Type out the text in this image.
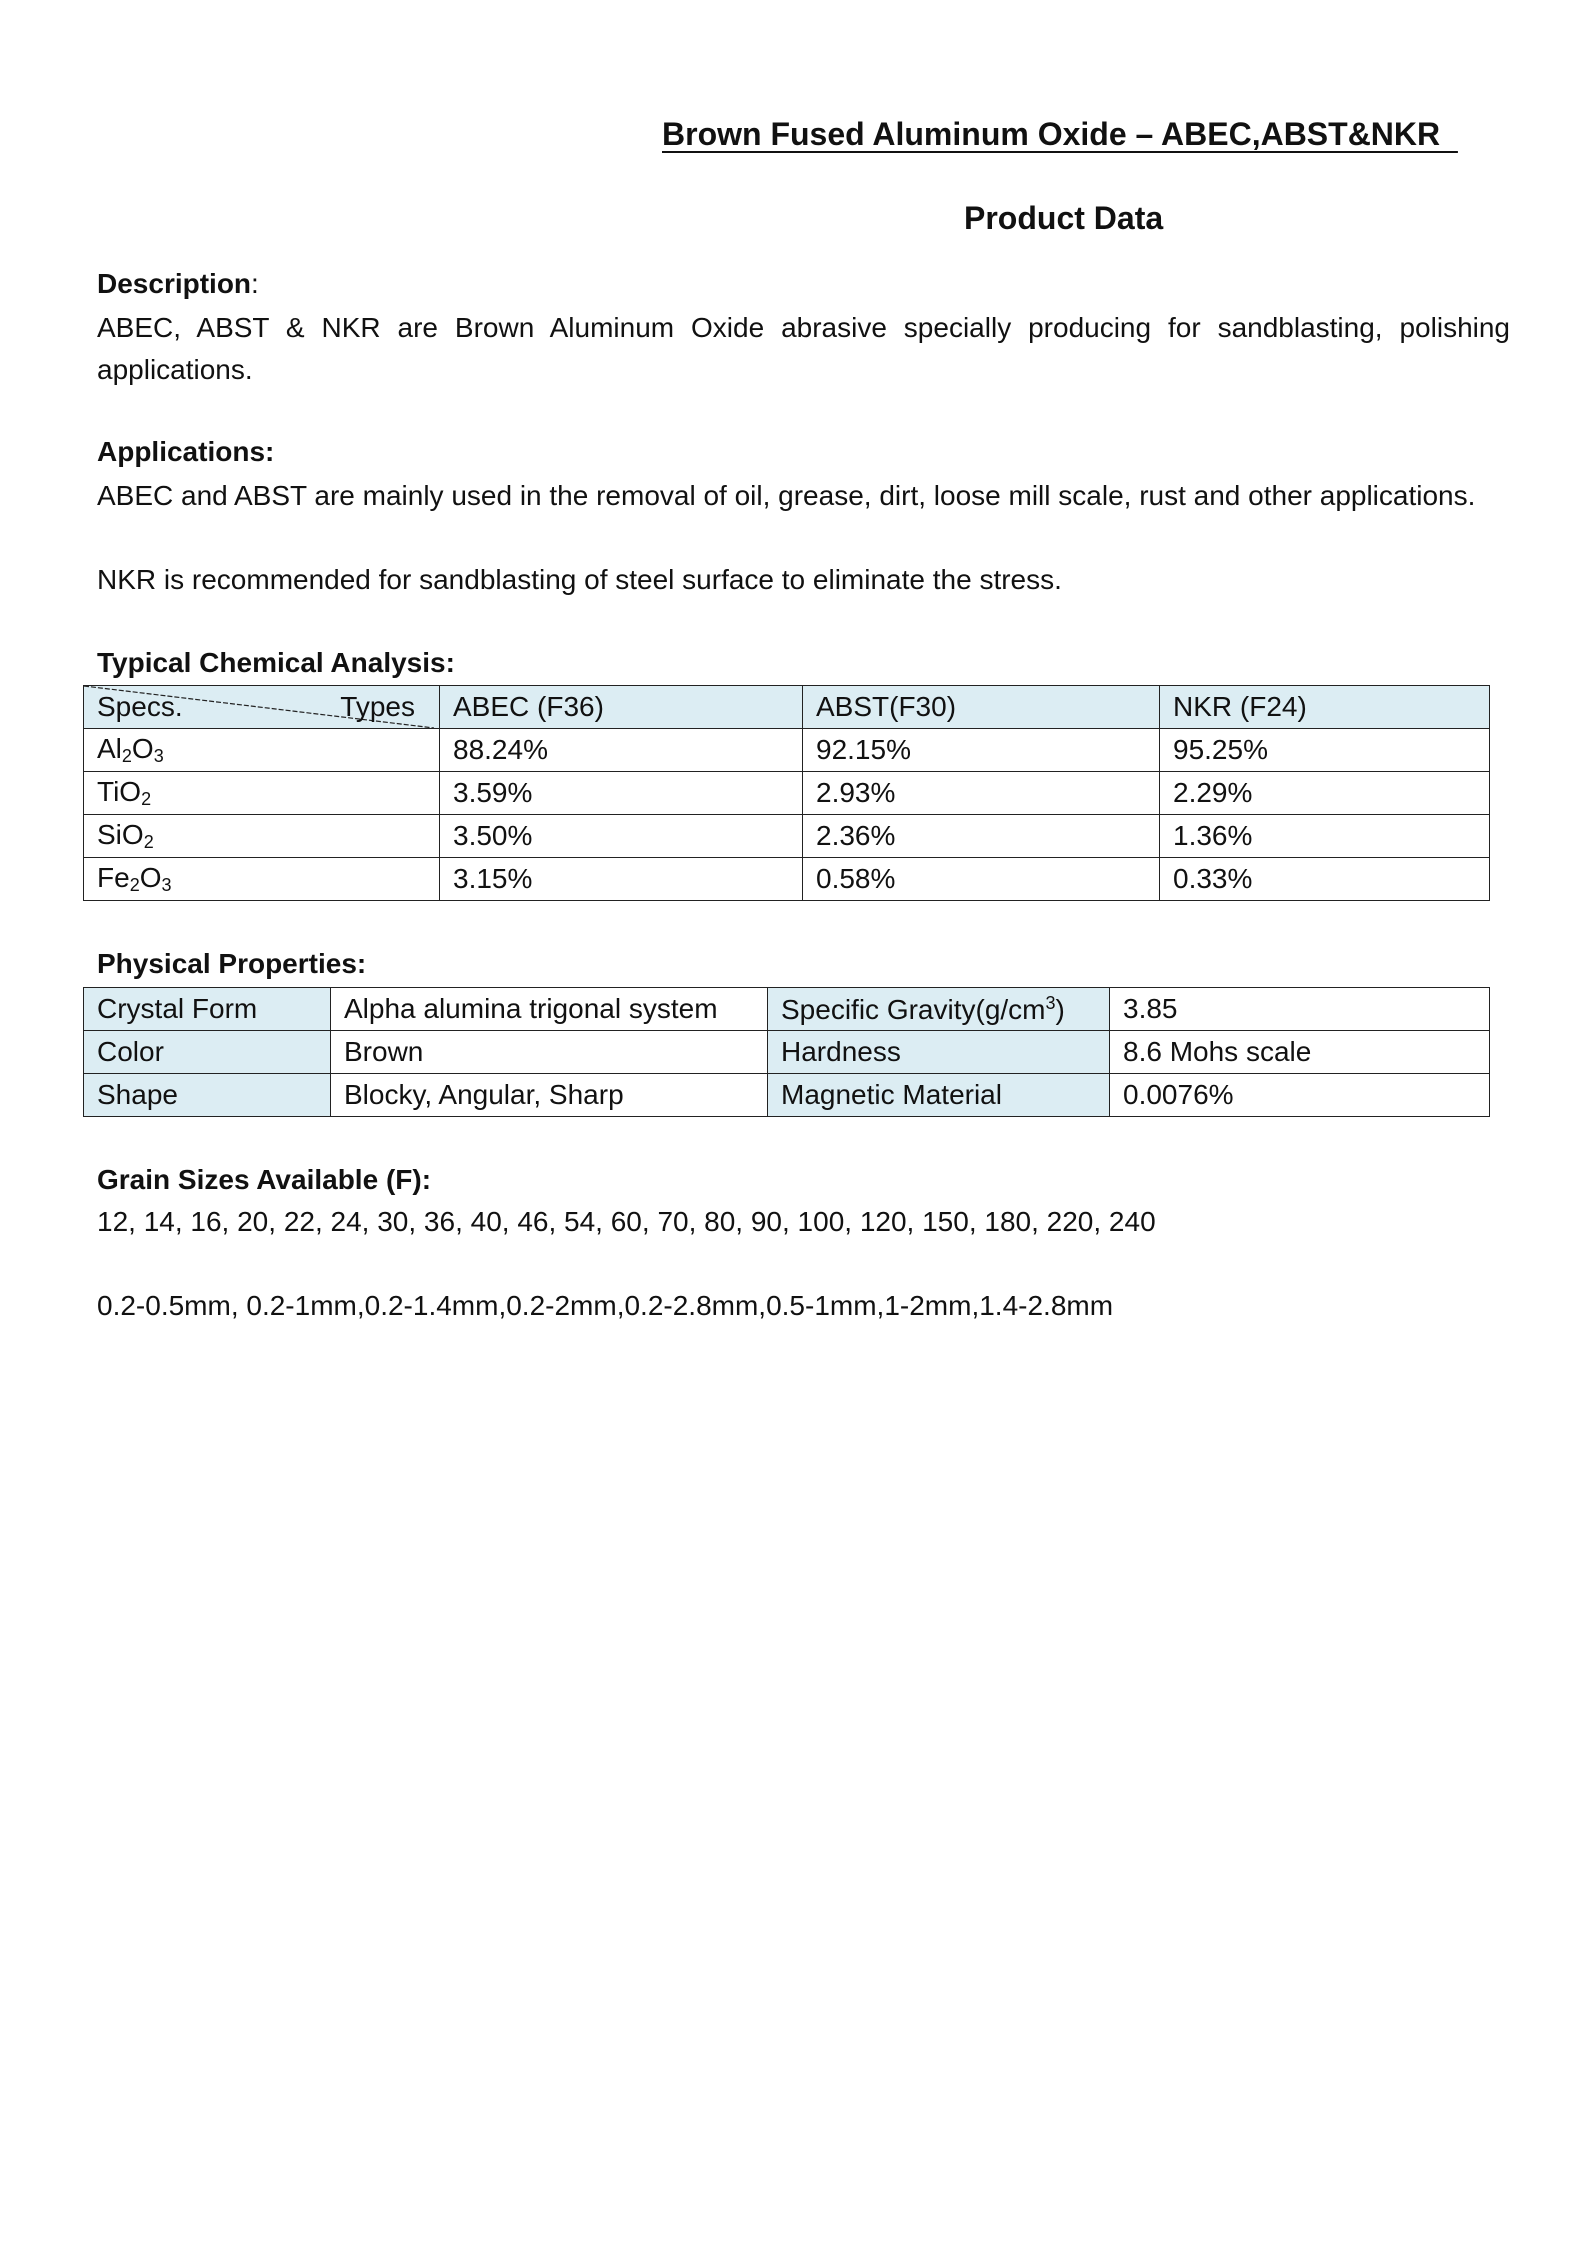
Brown Fused Aluminum Oxide – ABEC,ABST&NKR
Product Data
Description:
ABEC, ABST & NKR are Brown Aluminum Oxide abrasive specially producing for sandblasting, polishing applications.
Applications:
ABEC and ABST are mainly used in the removal of oil, grease, dirt, loose mill scale, rust and other applications.
NKR is recommended for sandblasting of steel surface to eliminate the stress.
Typical Chemical Analysis:
Specs. Types	ABEC (F36)	ABST(F30)	NKR (F24)
$Al_2O_3$	88.24%	92.15%	95.25%
TiO$_2$	3.59%	2.93%	2.29%
SiO$_2$	3.50%	2.36%	1.36%
$Fe_2O_3$	3.15%	0.58%	0.33%
Physical Properties:
Crystal Form	Alpha alumina trigonal system	Specific $Gravity(g/cm^3)$	3.85
Color	Brown	Hardness	8.6 Mohs scale
Shape	Blocky, Angular, Sharp	Magnetic Material	0.0076%
Grain Sizes Available (F):
12, 14, 16, 20, 22, 24, 30, 36, 40, 46, 54, 60, 70, 80, 90, 100, 120, 150, 180, 220, 240
0.2-0.5mm, 0.2-1mm,0.2-1.4mm,0.2-2mm,0.2-2.8mm,0.5-1mm,1-2mm,1.4-2.8mm
